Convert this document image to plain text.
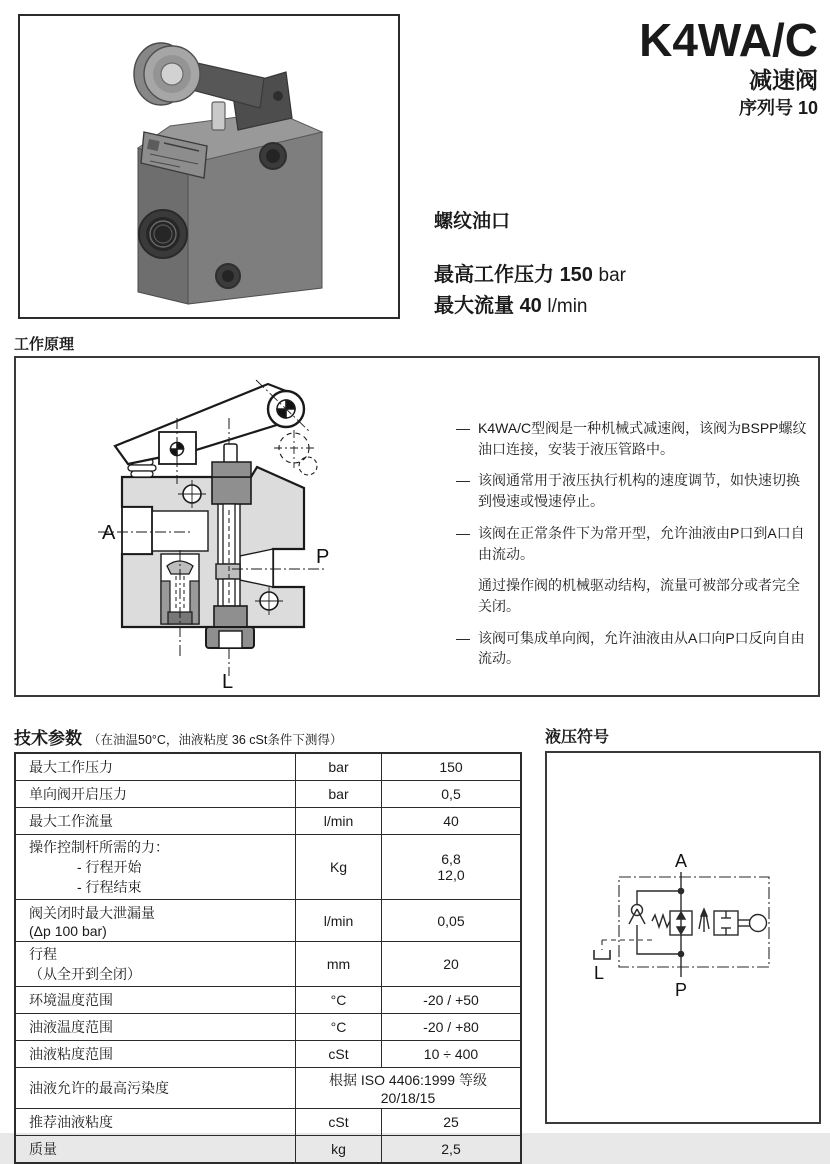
K4WA/C
减速阀
序列号 10
螺纹油口
最高工作压力 150 bar
最大流量 40 l/min
工作原理
A
P
L
— K4WA/C型阀是一种机械式减速阀，该阀为BSPP螺纹油口连接，安装于液压管路中。
— 该阀通常用于液压执行机构的速度调节，如快速切换到慢速或慢速停止。
— 该阀在正常条件下为常开型，允许油液由P口到A口自由流动。
通过操作阀的机械驱动结构，流量可被部分或者完全关闭。
— 该阀可集成单向阀，允许油液由从A口向P口反向自由流动。
技术参数 （在油温50°C，油液粘度 36 cSt条件下测得）
最大工作压力	bar	150
单向阀开启压力	bar	0,5
最大工作流量	l/min	40

操作控制杆所需的力：
- 行程开始
- 行程结束
	Kg	6,8
12,0

阀关闭时最大泄漏量
(Δp 100 bar)	l/min	0,05

行程
（从全开到全闭）	mm	20
环境温度范围	°C	-20 / +50
油液温度范围	°C	-20 / +80
油液粘度范围	cSt	10 ÷ 400
油液允许的最高污染度	根据 ISO 4406:1999 等级 20/18/15	
推荐油液粘度	cSt	25
质量	kg	2,5
液压符号
A
P
L
